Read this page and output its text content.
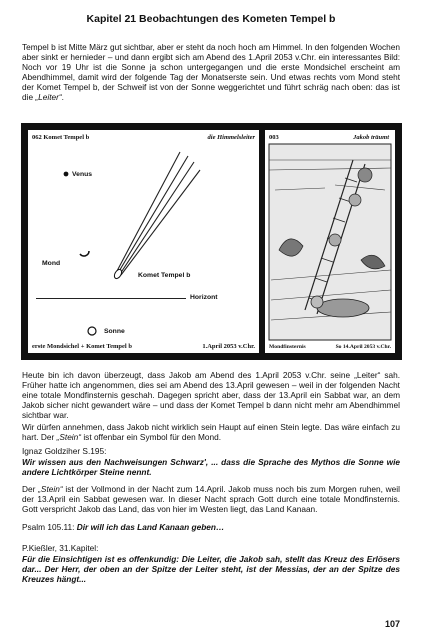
Kapitel 21 Beobachtungen des Kometen Tempel b
Tempel b ist Mitte März gut sichtbar, aber er steht da noch hoch am Himmel. In den folgenden Wochen aber sinkt er hernieder – und dann ergibt sich am Abend des 1.April 2053 v.Chr. ein interessantes Bild: Noch vor 19 Uhr ist die Sonne ja schon untergegangen und die erste Mondsichel erscheint am Abendhimmel, damit wird der folgende Tag der Monatserste sein. Und etwas rechts vom Mond steht der Komet Tempel b, der Schweif ist von der Sonne weggerichtet und führt schräg nach oben: das ist die „Leiter“.
062 Komet Tempel b	die Himmelsleiter
Venus
Mond
Komet Tempel b
Horizont
Sonne
erste Mondsichel + Komet Tempel b	1.April 2053 v.Chr.
003	Jakob träumt
Mondfinsternis	So 14.April 2053 v.Chr.
Heute bin ich davon überzeugt, dass Jakob am Abend des 1.April 2053 v.Chr. seine „Leiter“ sah. Früher hatte ich angenommen, dies sei am Abend des 13.April gewesen – weil in der folgenden Nacht eine totale Mondfinsternis geschah. Dagegen spricht aber, dass der 13.April ein Sabbat war, an dem Jakob sicher nicht gewandert wäre – und dass der Komet Tempel b dann nicht mehr am Abendhimmel sichtbar war.
Wir dürfen annehmen, dass Jakob nicht wirklich sein Haupt auf einen Stein legte. Das wäre einfach zu hart. Der „Stein“ ist offenbar ein Symbol für den Mond.
Ignaz Goldziher S.195:
Wir wissen aus den Nachweisungen Schwarz', ... dass die Sprache des Mythos die Sonne wie andere Lichtkörper Steine nennt.
Der „Stein“ ist der Vollmond in der Nacht zum 14.April. Jakob muss noch bis zum Morgen ruhen, weil der 13.April ein Sabbat gewesen war. In dieser Nacht sprach Gott durch eine totale Mondfinsternis. Gott verspricht Jakob das Land, das von hier im Westen liegt, das Land Kanaan.
Psalm 105.11: Dir will ich das Land Kanaan geben…
P.Kießler, 31.Kapitel:
Für die Einsichtigen ist es offenkundig: Die Leiter, die Jakob sah, stellt das Kreuz des Erlösers dar... Der Herr, der oben an der Spitze der Leiter steht, ist der Messias, der an der Spitze des Kreuzes hängt...
107
